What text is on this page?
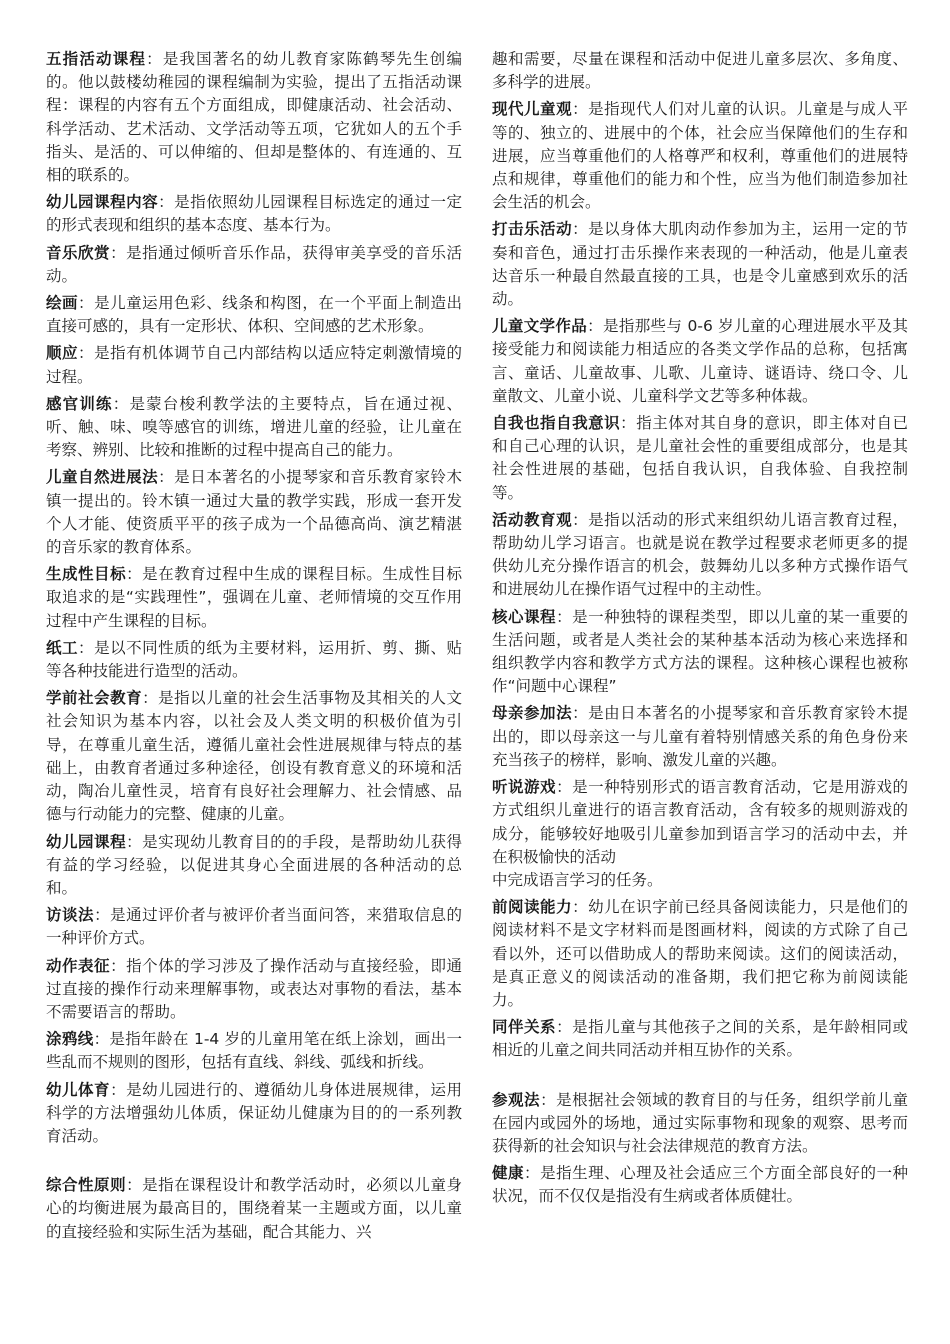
五指活动课程：是我国著名的幼儿教育家陈鹤琴先生创编的。他以鼓楼幼稚园的课程编制为实验，提出了五指活动课程：课程的内容有五个方面组成，即健康活动、社会活动、科学活动、艺术活动、文学活动等五项，它犹如人的五个手指头、是活的、可以伸缩的、但却是整体的、有连通的、互相的联系的。

幼儿园课程内容：是指依照幼儿园课程目标选定的通过一定的形式表现和组织的基本态度、基本行为。

音乐欣赏：是指通过倾听音乐作品，获得审美享受的音乐活动。

绘画：是儿童运用色彩、线条和构图，在一个平面上制造出直接可感的，具有一定形状、体积、空间感的艺术形象。

顺应：是指有机体调节自己内部结构以适应特定刺激情境的过程。

感官训练：是蒙台梭利教学法的主要特点，旨在通过视、听、触、味、嗅等感官的训练，增进儿童的经验，让儿童在考察、辨别、比较和推断的过程中提高自己的能力。

儿童自然进展法：是日本著名的小提琴家和音乐教育家铃木镇一提出的。铃木镇一通过大量的教学实践，形成一套开发个人才能、使资质平平的孩子成为一个品德高尚、演艺精湛的音乐家的教育体系。

生成性目标：是在教育过程中生成的课程目标。生成性目标取追求的是“实践理性”，强调在儿童、老师情境的交互作用过程中产生课程的目标。

纸工：是以不同性质的纸为主要材料，运用折、剪、撕、贴等各种技能进行造型的活动。

学前社会教育：是指以儿童的社会生活事物及其相关的人文社会知识为基本内容，以社会及人类文明的积极价值为引导，在尊重儿童生活，遵循儿童社会性进展规律与特点的基础上，由教育者通过多种途径，创设有教育意义的环境和活动，陶冶儿童性灵，培育有良好社会理解力、社会情感、品德与行动能力的完整、健康的儿童。

幼儿园课程：是实现幼儿教育目的的手段，是帮助幼儿获得有益的学习经验，以促进其身心全面进展的各种活动的总和。

访谈法：是通过评价者与被评价者当面问答，来猎取信息的一种评价方式。

动作表征：指个体的学习涉及了操作活动与直接经验，即通过直接的操作行动来理解事物，或表达对事物的看法，基本不需要语言的帮助。

涂鸦线：是指年龄在 1-4 岁的儿童用笔在纸上涂划，画出一些乱而不规则的图形，包括有直线、斜线、弧线和折线。

幼儿体育：是幼儿园进行的、遵循幼儿身体进展规律，运用科学的方法增强幼儿体质，保证幼儿健康为目的的一系列教育活动。

综合性原则：是指在课程设计和教学活动时，必须以儿童身心的均衡进展为最高目的，围绕着某一主题或方面，以儿童的直接经验和实际生活为基础，配合其能力、兴

趣和需要，尽量在课程和活动中促进儿童多层次、多角度、多科学的进展。

现代儿童观：是指现代人们对儿童的认识。儿童是与成人平等的、独立的、进展中的个体，社会应当保障他们的生存和进展，应当尊重他们的人格尊严和权利，尊重他们的进展特点和规律，尊重他们的能力和个性，应当为他们制造参加社会生活的机会。

打击乐活动：是以身体大肌肉动作参加为主，运用一定的节奏和音色，通过打击乐操作来表现的一种活动，他是儿童表达音乐一种最自然最直接的工具，也是令儿童感到欢乐的活动。

儿童文学作品：是指那些与 0-6 岁儿童的心理进展水平及其接受能力和阅读能力相适应的各类文学作品的总称，包括寓言、童话、儿童故事、儿歌、儿童诗、谜语诗、绕口令、儿童散文、儿童小说、儿童科学文艺等多种体裁。

自我也指自我意识：指主体对其自身的意识，即主体对自已和自己心理的认识，是儿童社会性的重要组成部分，也是其社会性进展的基础，包括自我认识，自我体验、自我控制等。

活动教育观：是指以活动的形式来组织幼儿语言教育过程，帮助幼儿学习语言。也就是说在教学过程要求老师更多的提供幼儿充分操作语言的机会，鼓舞幼儿以多种方式操作语气和进展幼儿在操作语气过程中的主动性。

核心课程：是一种独特的课程类型，即以儿童的某一重要的生活问题，或者是人类社会的某种基本活动为核心来选择和组织教学内容和教学方式方法的课程。这种核心课程也被称作“问题中心课程”

母亲参加法：是由日本著名的小提琴家和音乐教育家铃木提出的，即以母亲这一与儿童有着特别情感关系的角色身份来充当孩子的榜样，影响、激发儿童的兴趣。

听说游戏：是一种特别形式的语言教育活动，它是用游戏的方式组织儿童进行的语言教育活动，含有较多的规则游戏的成分，能够较好地吸引儿童参加到语言学习的活动中去，并在积极愉快的活动

中完成语言学习的任务。

前阅读能力：幼儿在识字前已经具备阅读能力，只是他们的阅读材料不是文字材料而是图画材料，阅读的方式除了自己看以外，还可以借助成人的帮助来阅读。这们的阅读活动，是真正意义的阅读活动的准备期，我们把它称为前阅读能力。

同伴关系：是指儿童与其他孩子之间的关系，是年龄相同或相近的儿童之间共同活动并相互协作的关系。

参观法：是根据社会领域的教育目的与任务，组织学前儿童在园内或园外的场地，通过实际事物和现象的观察、思考而获得新的社会知识与社会法律规范的教育方法。

健康：是指生理、心理及社会适应三个方面全部良好的一种状况，而不仅仅是指没有生病或者体质健壮。
